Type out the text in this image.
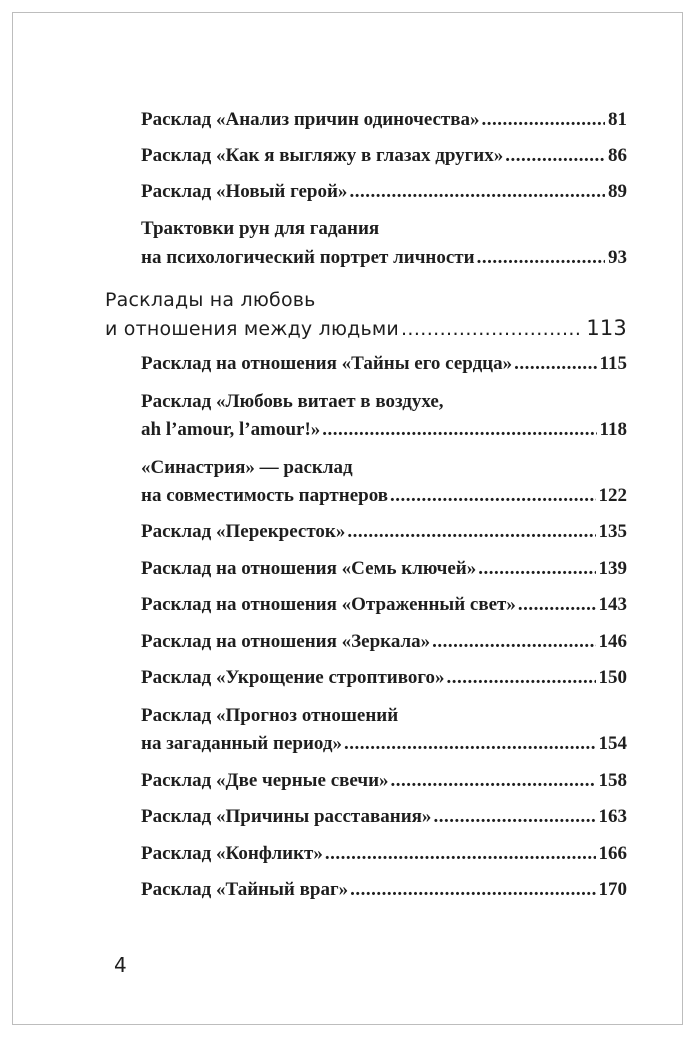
Расклад «Анализ причин одиночества» .....	81
Расклад «Как я выгляжу в глазах других» .....	86
Расклад «Новый герой» .....	89
Трактовки рун для гадания
на психологический портрет личности .....	93
Расклады на любовь
и отношения между людьми .....	113
Расклад на отношения «Тайны его сердца» .....	115
Расклад «Любовь витает в воздухе,
ah l’amour, l’amour!» .....	118
«Синастрия» — расклад
на совместимость партнеров .....	122
Расклад «Перекресток» .....	135
Расклад на отношения «Семь ключей» .....	139
Расклад на отношения «Отраженный свет» .....	143
Расклад на отношения «Зеркала» .....	146
Расклад «Укрощение строптивого» .....	150
Расклад «Прогноз отношений
на загаданный период» .....	154
Расклад «Две черные свечи» .....	158
Расклад «Причины расставания» .....	163
Расклад «Конфликт» .....	166
Расклад «Тайный враг» .....	170
4
